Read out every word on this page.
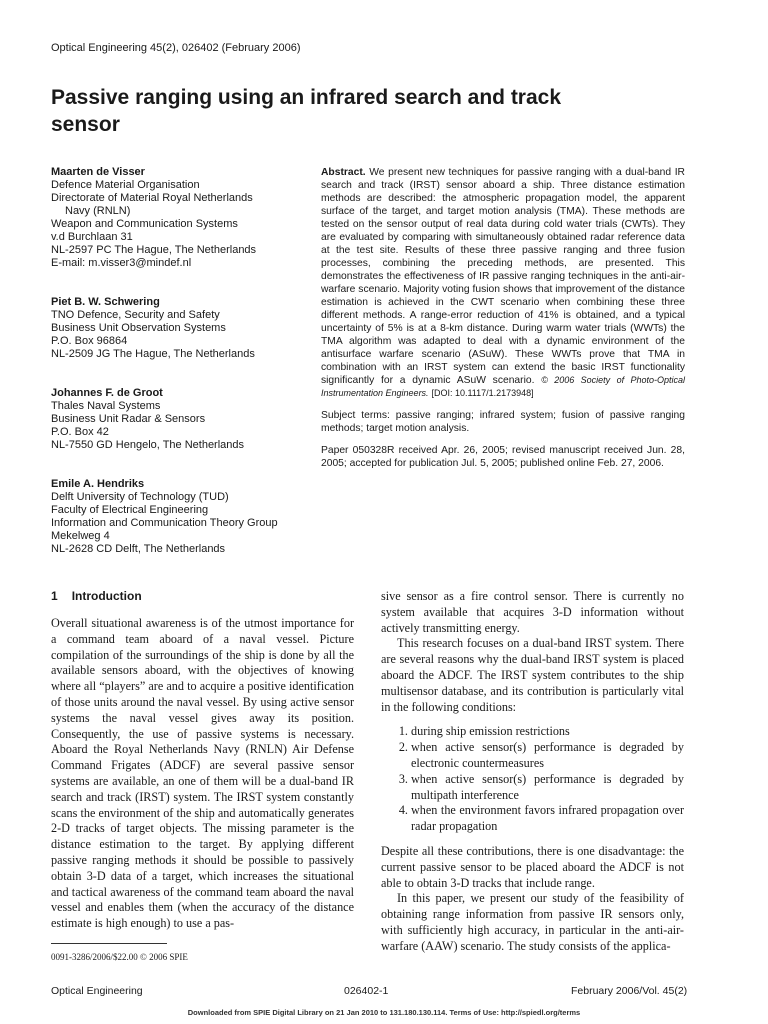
Optical Engineering 45(2), 026402 (February 2006)
Passive ranging using an infrared search and track sensor
Maarten de Visser
Defence Material Organisation
Directorate of Material Royal Netherlands
Navy (RNLN)
Weapon and Communication Systems
v.d Burchlaan 31
NL-2597 PC The Hague, The Netherlands
E-mail: m.visser3@mindef.nl
Piet B. W. Schwering
TNO Defence, Security and Safety
Business Unit Observation Systems
P.O. Box 96864
NL-2509 JG The Hague, The Netherlands
Johannes F. de Groot
Thales Naval Systems
Business Unit Radar & Sensors
P.O. Box 42
NL-7550 GD Hengelo, The Netherlands
Emile A. Hendriks
Delft University of Technology (TUD)
Faculty of Electrical Engineering
Information and Communication Theory Group
Mekelweg 4
NL-2628 CD Delft, The Netherlands

Abstract. We present new techniques for passive ranging with a dual-band IR search and track (IRST) sensor aboard a ship. Three distance estimation methods are described: the atmospheric propagation model, the apparent surface of the target, and target motion analysis (TMA). These methods are tested on the sensor output of real data during cold water trials (CWTs). They are evaluated by comparing with simultaneously obtained radar reference data at the test site. Results of these three passive ranging and three fusion processes, combining the preceding methods, are presented. This demonstrates the effectiveness of IR passive ranging techniques in the anti-air-warfare scenario. Majority voting fusion shows that improvement of the distance estimation is achieved in the CWT scenario when combining these three different methods. A range-error reduction of 41% is obtained, and a typical uncertainty of 5% is at a 8-km distance. During warm water trials (WWTs) the TMA algorithm was adapted to deal with a dynamic environment of the antisurface warfare scenario (ASuW). These WWTs prove that TMA in combination with an IRST system can extend the basic IRST functionality significantly for a dynamic ASuW scenario. © 2006 Society of Photo-Optical Instrumentation Engineers. [DOI: 10.1117/1.2173948]

Subject terms: passive ranging; infrared system; fusion of passive ranging methods; target motion analysis.

Paper 050328R received Apr. 26, 2005; revised manuscript received Jun. 28, 2005; accepted for publication Jul. 5, 2005; published online Feb. 27, 2006.

1 Introduction

Overall situational awareness is of the utmost importance for a command team aboard of a naval vessel. Picture compilation of the surroundings of the ship is done by all the available sensors aboard, with the objectives of knowing where all “players” are and to acquire a positive identification of those units around the naval vessel. By using active sensor systems the naval vessel gives away its position. Consequently, the use of passive systems is necessary. Aboard the Royal Netherlands Navy (RNLN) Air Defense Command Frigates (ADCF) are several passive sensor systems are available, an one of them will be a dual-band IR search and track (IRST) system. The IRST system constantly scans the environment of the ship and automatically generates 2-D tracks of target objects. The missing parameter is the distance estimation to the target. By applying different passive ranging methods it should be possible to passively obtain 3-D data of a target, which increases the situational and tactical awareness of the command team aboard the naval vessel and enables them (when the accuracy of the distance estimate is high enough) to use a pas-

sive sensor as a fire control sensor. There is currently no system available that acquires 3-D information without actively transmitting energy.

This research focuses on a dual-band IRST system. There are several reasons why the dual-band IRST system is placed aboard the ADCF. The IRST system contributes to the ship multisensor database, and its contribution is particularly vital in the following conditions:

1. during ship emission restrictions
2. when active sensor(s) performance is degraded by electronic countermeasures
3. when active sensor(s) performance is degraded by multipath interference
4. when the environment favors infrared propagation over radar propagation

Despite all these contributions, there is one disadvantage: the current passive sensor to be placed aboard the ADCF is not able to obtain 3-D tracks that include range.

In this paper, we present our study of the feasibility of obtaining range information from passive IR sensors only, with sufficiently high accuracy, in particular in the anti-air-warfare (AAW) scenario. The study consists of the applica-

0091-3286/2006/$22.00 © 2006 SPIE
Optical Engineering	026402-1	February 2006/Vol. 45(2)
Downloaded from SPIE Digital Library on 21 Jan 2010 to 131.180.130.114. Terms of Use: http://spiedl.org/terms
